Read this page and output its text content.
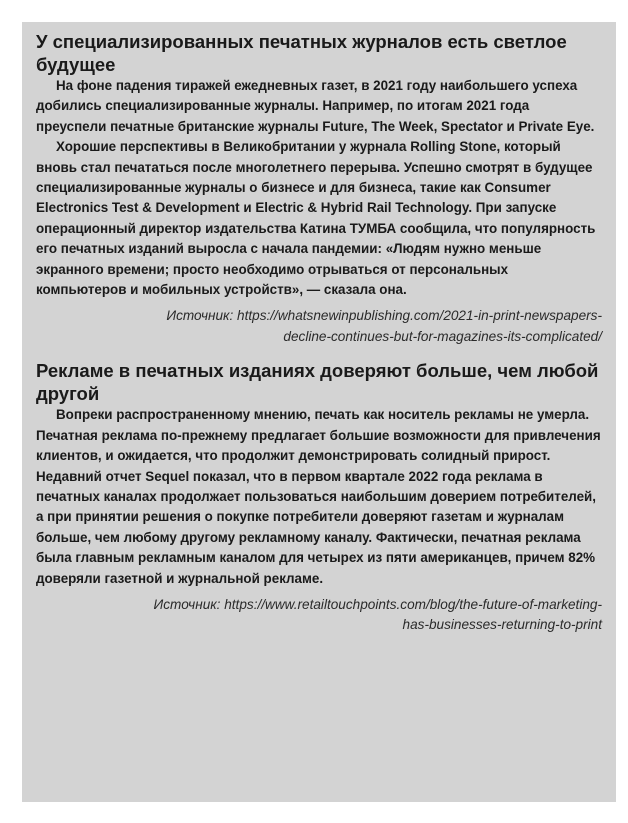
У специализированных печатных журналов есть светлое будущее

На фоне падения тиражей ежедневных газет, в 2021 году наибольшего успеха добились специализированные журналы. Например, по итогам 2021 года преуспели печатные британские журналы Future, The Week, Spectator и Private Eye.

Хорошие перспективы в Великобритании у журнала Rolling Stone, который вновь стал печататься после многолетнего перерыва. Успешно смотрят в будущее специализированные журналы о бизнесе и для бизнеса, такие как Consumer Electronics Test & Development и Electric & Hybrid Rail Technology. При запуске операционный директор издательства Катина ТУМБА сообщила, что популярность его печатных изданий выросла с начала пандемии: «Людям нужно меньше экранного времени; просто необходимо отрываться от персональных компьютеров и мобильных устройств», — сказала она.

Источник: https://whatsnewinpublishing.com/2021-in-print-newspapers-
decline-continues-but-for-magazines-its-complicated/

Рекламе в печатных изданиях доверяют больше, чем любой другой

Вопреки распространенному мнению, печать как носитель рекламы не умерла. Печатная реклама по-прежнему предлагает большие возможности для привлечения клиентов, и ожидается, что продолжит демонстрировать солидный прирост. Недавний отчет Sequel показал, что в первом квартале 2022 года реклама в печатных каналах продолжает пользоваться наибольшим доверием потребителей, а при принятии решения о покупке потребители доверяют газетам и журналам больше, чем любому другому рекламному каналу. Фактически, печатная реклама была главным рекламным каналом для четырех из пяти американцев, причем 82% доверяли газетной и журнальной рекламе.

Источник: https://www.retailtouchpoints.com/blog/the-future-of-marketing-
has-businesses-returning-to-print
